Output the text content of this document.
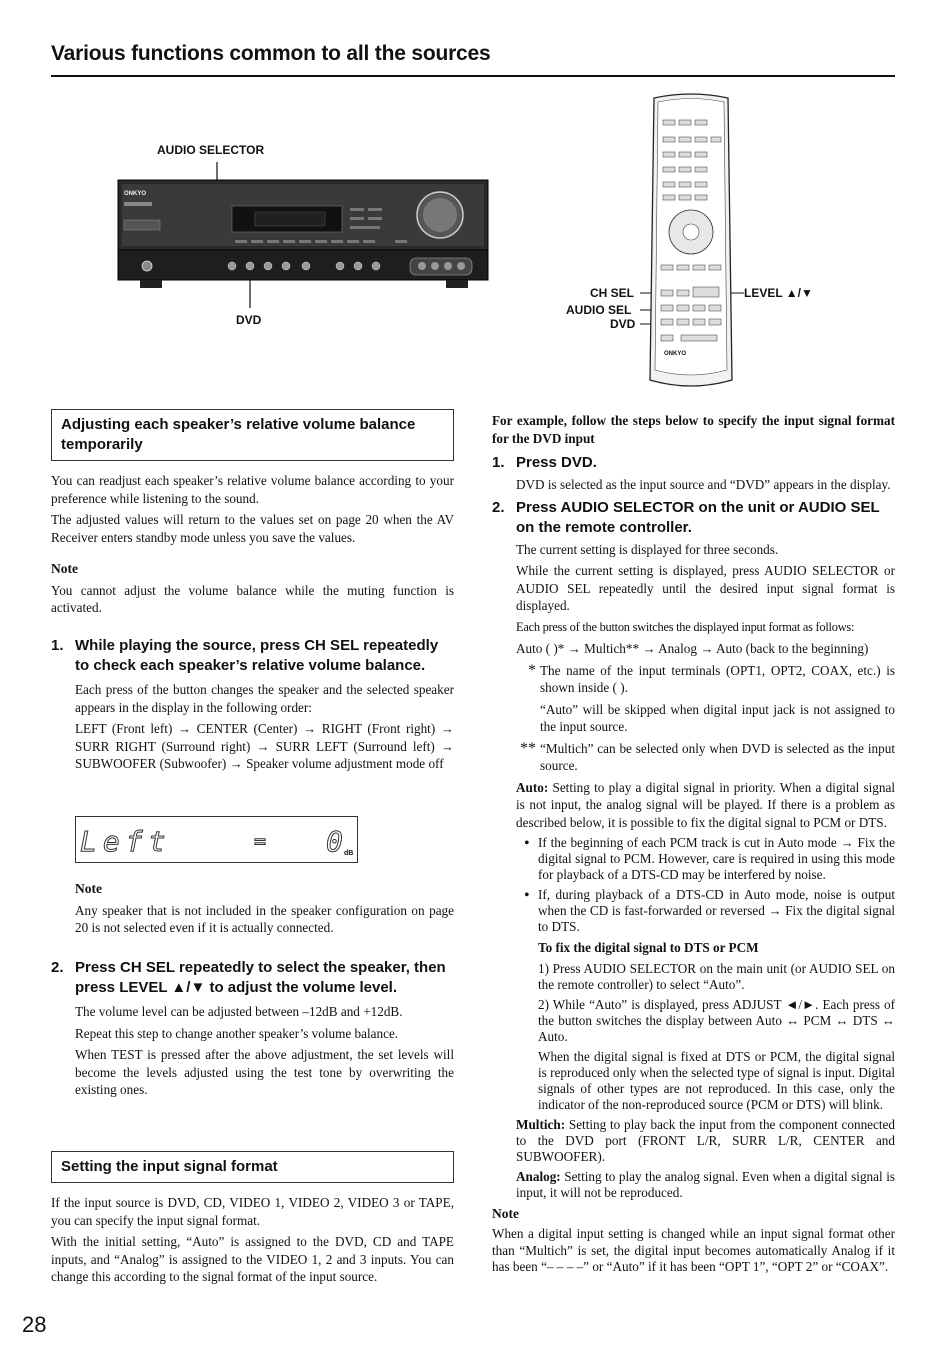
Various functions common to all the sources
AUDIO SELECTOR
DVD
ONKYO
CH SEL
AUDIO SEL
DVD
LEVEL ▲/▼
ONKYO
Adjusting each speaker’s relative volume balance temporarily

You can readjust each speaker’s relative volume balance according to your preference while listening to the sound.

The adjusted values will return to the values set on page 20 when the AV Receiver enters standby mode unless you save the values.

Note

You cannot adjust the volume balance while the muting function is activated.

1. While playing the source, press CH SEL repeatedly to check each speaker’s relative volume balance.

Each press of the button changes the speaker and the selected speaker appears in the display in the following order:

LEFT (Front left) → CENTER (Center) → RIGHT (Front right) → SURR RIGHT (Surround right) → SURR LEFT (Surround left) → SUBWOOFER (Subwoofer) → Speaker volume adjustment mode off

Left	= 0 dB

Note

Any speaker that is not included in the speaker configuration on page 20 is not selected even if it is actually connected.

2. Press CH SEL repeatedly to select the speaker, then press LEVEL ▲/▼ to adjust the volume level.

The volume level can be adjusted between –12dB and +12dB.

Repeat this step to change another speaker’s volume balance.

When TEST is pressed after the above adjustment, the set levels will become the levels adjusted using the test tone by overwriting the existing ones.

Setting the input signal format

If the input source is DVD, CD, VIDEO 1, VIDEO 2, VIDEO 3 or TAPE, you can specify the input signal format.

With the initial setting, “Auto” is assigned to the DVD, CD and TAPE inputs, and “Analog” is assigned to the VIDEO 1, 2 and 3 inputs. You can change this according to the signal format of the input source.

28

For example, follow the steps below to specify the input signal format for the DVD input

1. Press DVD.

DVD is selected as the input source and “DVD” appears in the display.

2. Press AUDIO SELECTOR on the unit or AUDIO SEL on the remote controller.

The current setting is displayed for three seconds.

While the current setting is displayed, press AUDIO SELECTOR or AUDIO SEL repeatedly until the desired input signal format is displayed.

Each press of the button switches the displayed input format as follows:

Auto ( )* → Multich** → Analog → Auto (back to the beginning)

* The name of the input terminals (OPT1, OPT2, COAX, etc.) is shown inside ( ).

“Auto” will be skipped when digital input jack is not assigned to the input source.

** “Multich” can be selected only when DVD is selected as the input source.

Auto: Setting to play a digital signal in priority. When a digital signal is not input, the analog signal will be played. If there is a problem as described below, it is possible to fix the digital signal to PCM or DTS.

• If the beginning of each PCM track is cut in Auto mode → Fix the digital signal to PCM. However, care is required in using this mode for playback of a DTS-CD may be interfered by noise.

• If, during playback of a DTS-CD in Auto mode, noise is output when the CD is fast-forwarded or reversed → Fix the digital signal to DTS.

To fix the digital signal to DTS or PCM

1) Press AUDIO SELECTOR on the main unit (or AUDIO SEL on the remote controller) to select “Auto”.

2) While “Auto” is displayed, press ADJUST ◄/►. Each press of the button switches the display between Auto ↔ PCM ↔ DTS ↔ Auto.

When the digital signal is fixed at DTS or PCM, the digital signal is reproduced only when the selected type of signal is input. Digital signals of other types are not reproduced. In this case, only the indicator of the non-reproduced source (PCM or DTS) will blink.

Multich: Setting to play back the input from the component connected to the DVD port (FRONT L/R, SURR L/R, CENTER and SUBWOOFER).

Analog: Setting to play the analog signal. Even when a digital signal is input, it will not be reproduced.

Note

When a digital input setting is changed while an input signal format other than “Multich” is set, the digital input becomes automatically Analog if it has been “– – – –” or “Auto” if it has been “OPT 1”, “OPT 2” or “COAX”.
